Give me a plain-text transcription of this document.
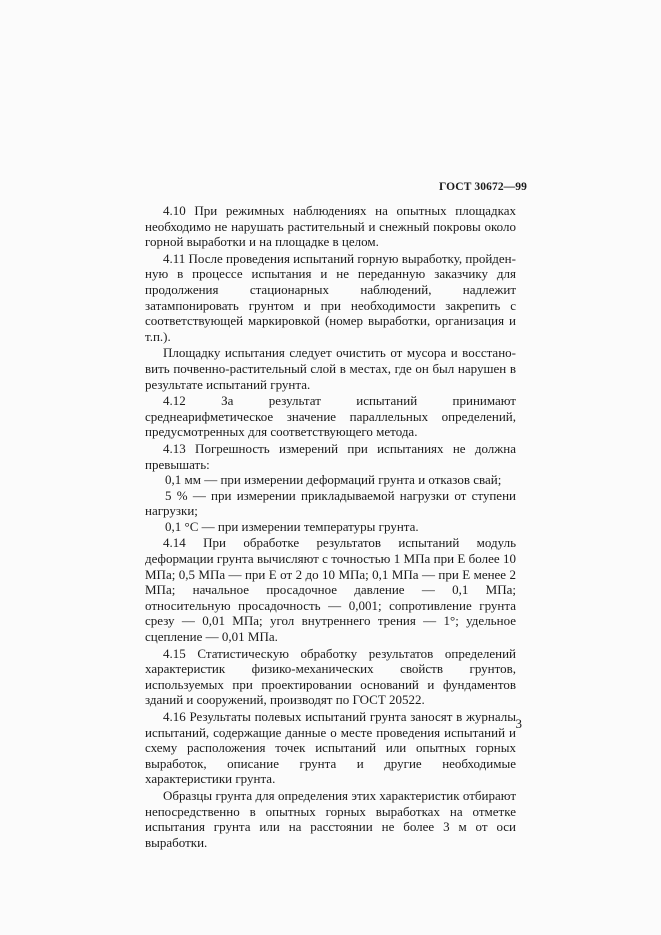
ГОСТ 30672—99

4.10 При режимных наблюдениях на опытных площадках необходимо не нарушать растительный и снежный покровы около горной выработки и на площадке в целом.

4.11 После проведения испытаний горную выработку, пройденную в процессе испытания и не переданную заказчику для продолжения стационарных наблюдений, надлежит затампонировать грунтом и при необходимости закрепить с соответствующей маркировкой (номер выработки, организация и т.п.).

Площадку испытания следует очистить от мусора и восстановить почвенно-растительный слой в местах, где он был нарушен в результате испытаний грунта.

4.12 За результат испытаний принимают среднеарифметическое значение параллельных определений, предусмотренных для соответствующего метода.

4.13 Погрешность измерений при испытаниях не должна превышать:

0,1 мм — при измерении деформаций грунта и отказов свай;

5 % — при измерении прикладываемой нагрузки от ступени нагрузки;

0,1 °С — при измерении температуры грунта.

4.14 При обработке результатов испытаний модуль деформации грунта вычисляют с точностью 1 МПа при E более 10 МПа; 0,5 МПа — при E от 2 до 10 МПа; 0,1 МПа — при E менее 2 МПа; начальное просадочное давление — 0,1 МПа; относительную просадочность — 0,001; сопротивление грунта срезу — 0,01 МПа; угол внутреннего трения — 1°; удельное сцепление — 0,01 МПа.

4.15 Статистическую обработку результатов определений характеристик физико-механических свойств грунтов, используемых при проектировании оснований и фундаментов зданий и сооружений, производят по ГОСТ 20522.

4.16 Результаты полевых испытаний грунта заносят в журналы испытаний, содержащие данные о месте проведения испытаний и схему расположения точек испытаний или опытных горных выработок, описание грунта и другие необходимые характеристики грунта.

Образцы грунта для определения этих характеристик отбирают непосредственно в опытных горных выработках на отметке испытания грунта или на расстоянии не более 3 м от оси выработки.

3
